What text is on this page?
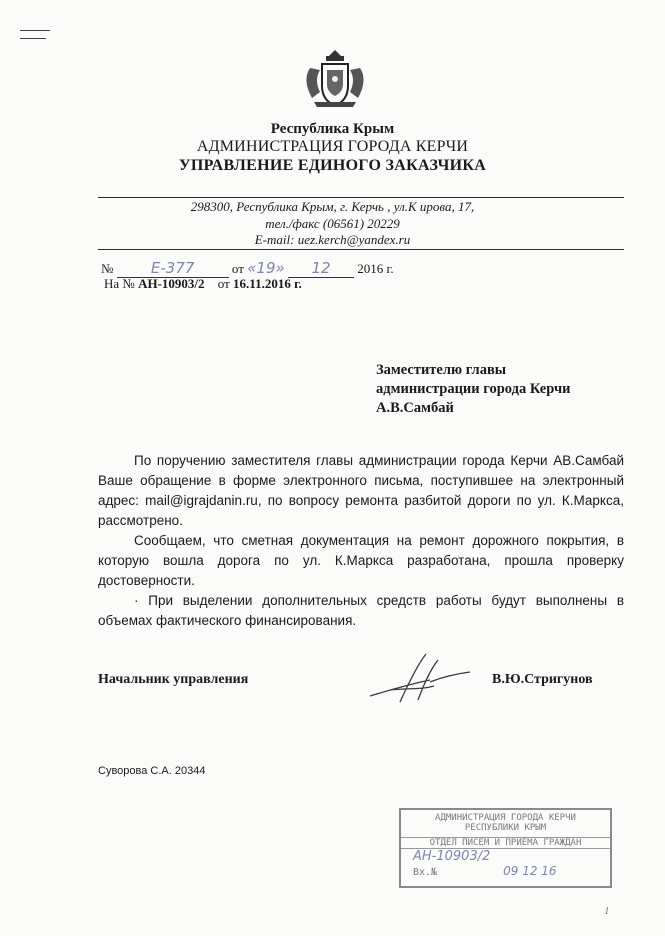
Республика Крым
АДМИНИСТРАЦИЯ ГОРОДА КЕРЧИ
УПРАВЛЕНИЕ ЕДИНОГО ЗАКАЗЧИКА
298300, Республика Крым, г. Керчь , ул.К ирова, 17,
тел./факс (06561) 20229
E-mail: uez.kerch@yandex.ru
№ Е-377	от «19» 12 2016 г.
На № АН-10903/2 от 16.11.2016 г.
Заместителю главы
администрации города Керчи
А.В.Самбай

По поручению заместителя главы администрации города Керчи АВ.Самбай Ваше обращение в форме электронного письма, поступившее на электронный адрес: mail@igrajdanin.ru, по вопросу ремонта разбитой дороги по ул. К.Маркса, рассмотрено.

Сообщаем, что сметная документация на ремонт дорожного покрытия, в которую вошла дорога по ул. К.Маркса разработана, прошла проверку достоверности.

· При выделении дополнительных средств работы будут выполнены в объемах фактического финансирования.

Начальник управления	В.Ю.Стригунов
Суворова С.А. 20344
АДМИНИСТРАЦИЯ ГОРОДА КЕРЧИ
РЕСПУБЛИКИ КРЫМ
ОТДЕЛ ПИСЕМ И ПРИЕМА ГРАЖДАН
АН-10903/2
Вх.№	09 12 16
1
